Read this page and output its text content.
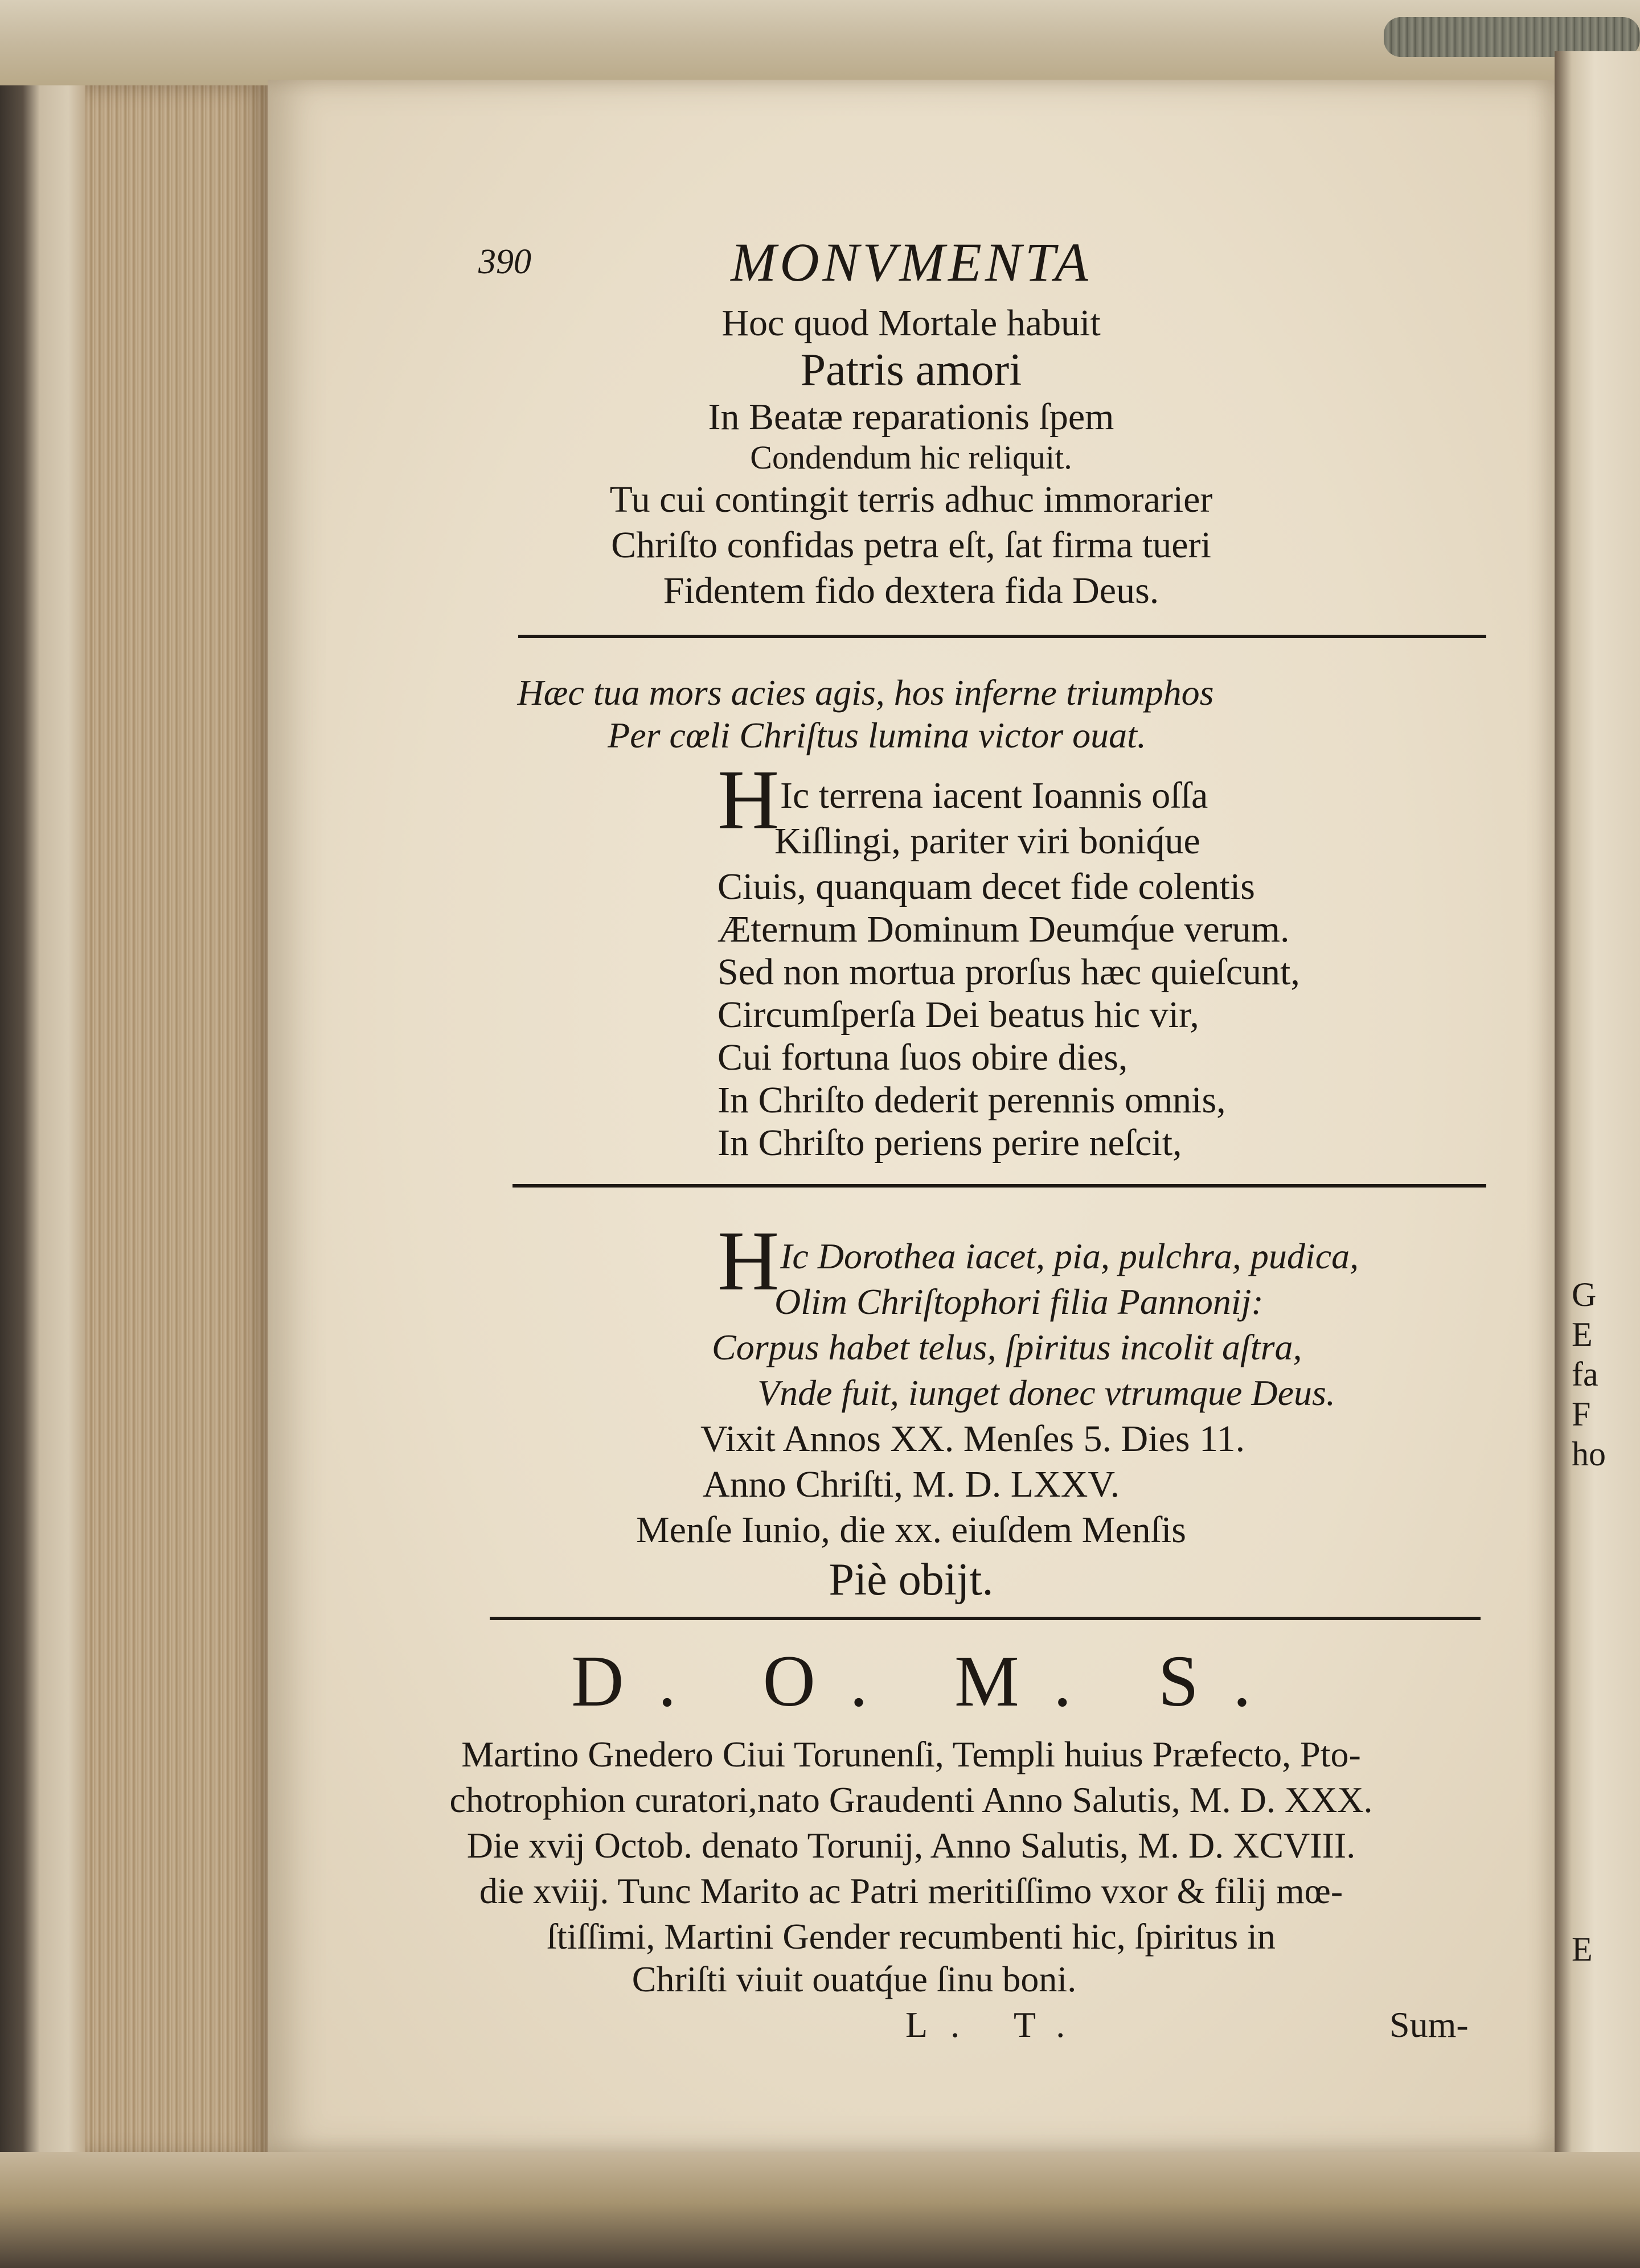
G
E
fa
F
ho
E
390	MONVMENTA
Hoc quod Mortale habuit
Patris amori
In Beatæ reparationis ſpem
Condendum hic reliquit.
Tu cui contingit terris adhuc immorarier
Chriſto confidas petra eſt, ſat firma tueri
Fidentem fido dextera fida Deus.
Hæc tua mors acies agis, hos inferne triumphos
Per cœli Chriſtus lumina victor ouat.
H Ic terrena iacent Ioannis oſſa
Kiſlingi, pariter viri boniq́ue
Ciuis, quanquam decet fide colentis
Æternum Dominum Deumq́ue verum.
Sed non mortua prorſus hæc quieſcunt,
Circumſperſa Dei beatus hic vir,
Cui fortuna ſuos obire dies,
In Chriſto dederit perennis omnis,
In Chriſto periens perire neſcit,
H Ic Dorothea iacet, pia, pulchra, pudica,
Olim Chriſtophori filia Pannonij:
Corpus habet telus, ſpiritus incolit aſtra,
Vnde fuit, iunget donec vtrumque Deus.
Vixit Annos XX. Menſes 5. Dies 11.
Anno Chriſti, M. D. LXXV.
Menſe Iunio, die xx. eiuſdem Menſis
Piè obijt.
D. O. M. S.
Martino Gnedero Ciui Torunenſi, Templi huius Præfecto, Pto-
chotrophion curatori,nato Graudenti Anno Salutis, M. D. XXX.
Die xvij Octob. denato Torunij, Anno Salutis, M. D. XCVIII.
die xviij. Tunc Marito ac Patri meritiſſimo vxor & filij mœ-
ſtiſſimi, Martini Gender recumbenti hic, ſpiritus in
Chriſti viuit ouatq́ue ſinu boni.
L. T.	Sum-
